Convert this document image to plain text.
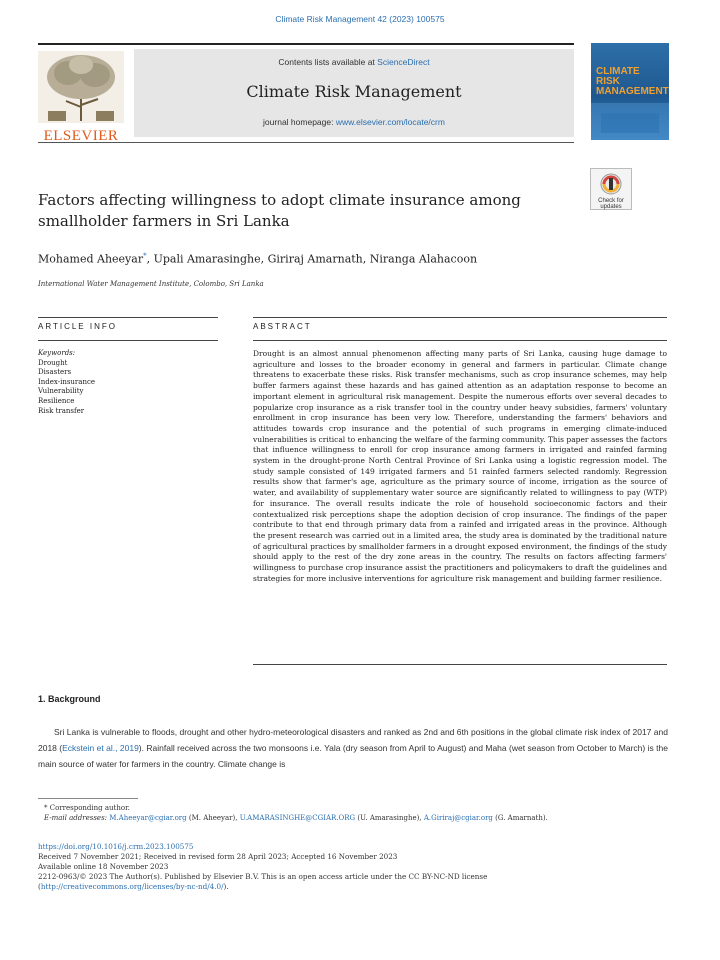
Climate Risk Management 42 (2023) 100575
ELSEVIER
Contents lists available at ScienceDirect
Climate Risk Management
journal homepage: www.elsevier.com/locate/crm
CLIMATE RISK MANAGEMENT
Factors affecting willingness to adopt climate insurance among
smallholder farmers in Sri Lanka
Check for updates
Mohamed Aheeyar*, Upali Amarasinghe, Giriraj Amarnath, Niranga Alahacoon
International Water Management Institute, Colombo, Sri Lanka
ARTICLE INFO	ABSTRACT
Keywords:
Drought
Disasters
Index-insurance
Vulnerability
Resilience
Risk transfer
Drought is an almost annual phenomenon affecting many parts of Sri Lanka, causing huge damage to agriculture and losses to the broader economy in general and farmers in particular. Climate change threatens to exacerbate these risks. Risk transfer mechanisms, such as crop insurance schemes, may help buffer farmers against these hazards and has gained attention as an adaptation response to become an important element in agricultural risk management. Despite the numerous efforts over several decades to popularize crop insurance as a risk transfer tool in the country under heavy subsidies, farmers' voluntary enrollment in crop insurance has been very low. Therefore, understanding the farmers' behaviors and attitudes towards crop insurance and the potential of such programs in emerging climate-induced vulnerabilities is critical to enhancing the welfare of the farming community. This paper assesses the factors that influence willingness to enroll for crop insurance among farmers in irrigated and rainfed farming system in the drought-prone North Central Province of Sri Lanka using a logistic regression model. The study sample consisted of 149 irrigated farmers and 51 rainfed farmers selected randomly. Regression results show that farmer's age, agriculture as the primary source of income, irrigation as the source of water, and availability of supplementary water source are significantly related to willingness to pay (WTP) for insurance. The overall results indicate the role of household socioeconomic factors and their contextualized risk perceptions shape the adoption decision of crop insurance. The findings of the paper contribute to that end through primary data from a rainfed and irrigated areas in the province. Although the present research was carried out in a limited area, the study area is dominated by the traditional nature of agricultural practices by smallholder farmers in a drought exposed environment, the findings of the study should apply to the rest of the dry zone areas in the country. The results on factors affecting farmers' willingness to purchase crop insurance assist the practitioners and policymakers to draft the guidelines and strategies for more inclusive interventions for agriculture risk management and building farmer resilience.
1. Background
Sri Lanka is vulnerable to floods, drought and other hydro-meteorological disasters and ranked as 2nd and 6th positions in the global climate risk index of 2017 and 2018 (Eckstein et al., 2019). Rainfall received across the two monsoons i.e. Yala (dry season from April to August) and Maha (wet season from October to March) is the main source of water for farmers in the country. Climate change is
* Corresponding author.
E-mail addresses: M.Aheeyar@cgiar.org (M. Aheeyar), U.AMARASINGHE@CGIAR.ORG (U. Amarasinghe), A.Giriraj@cgiar.org (G. Amarnath).
https://doi.org/10.1016/j.crm.2023.100575
Received 7 November 2021; Received in revised form 28 April 2023; Accepted 16 November 2023
Available online 18 November 2023
2212-0963/© 2023 The Author(s). Published by Elsevier B.V. This is an open access article under the CC BY-NC-ND license
(http://creativecommons.org/licenses/by-nc-nd/4.0/).
